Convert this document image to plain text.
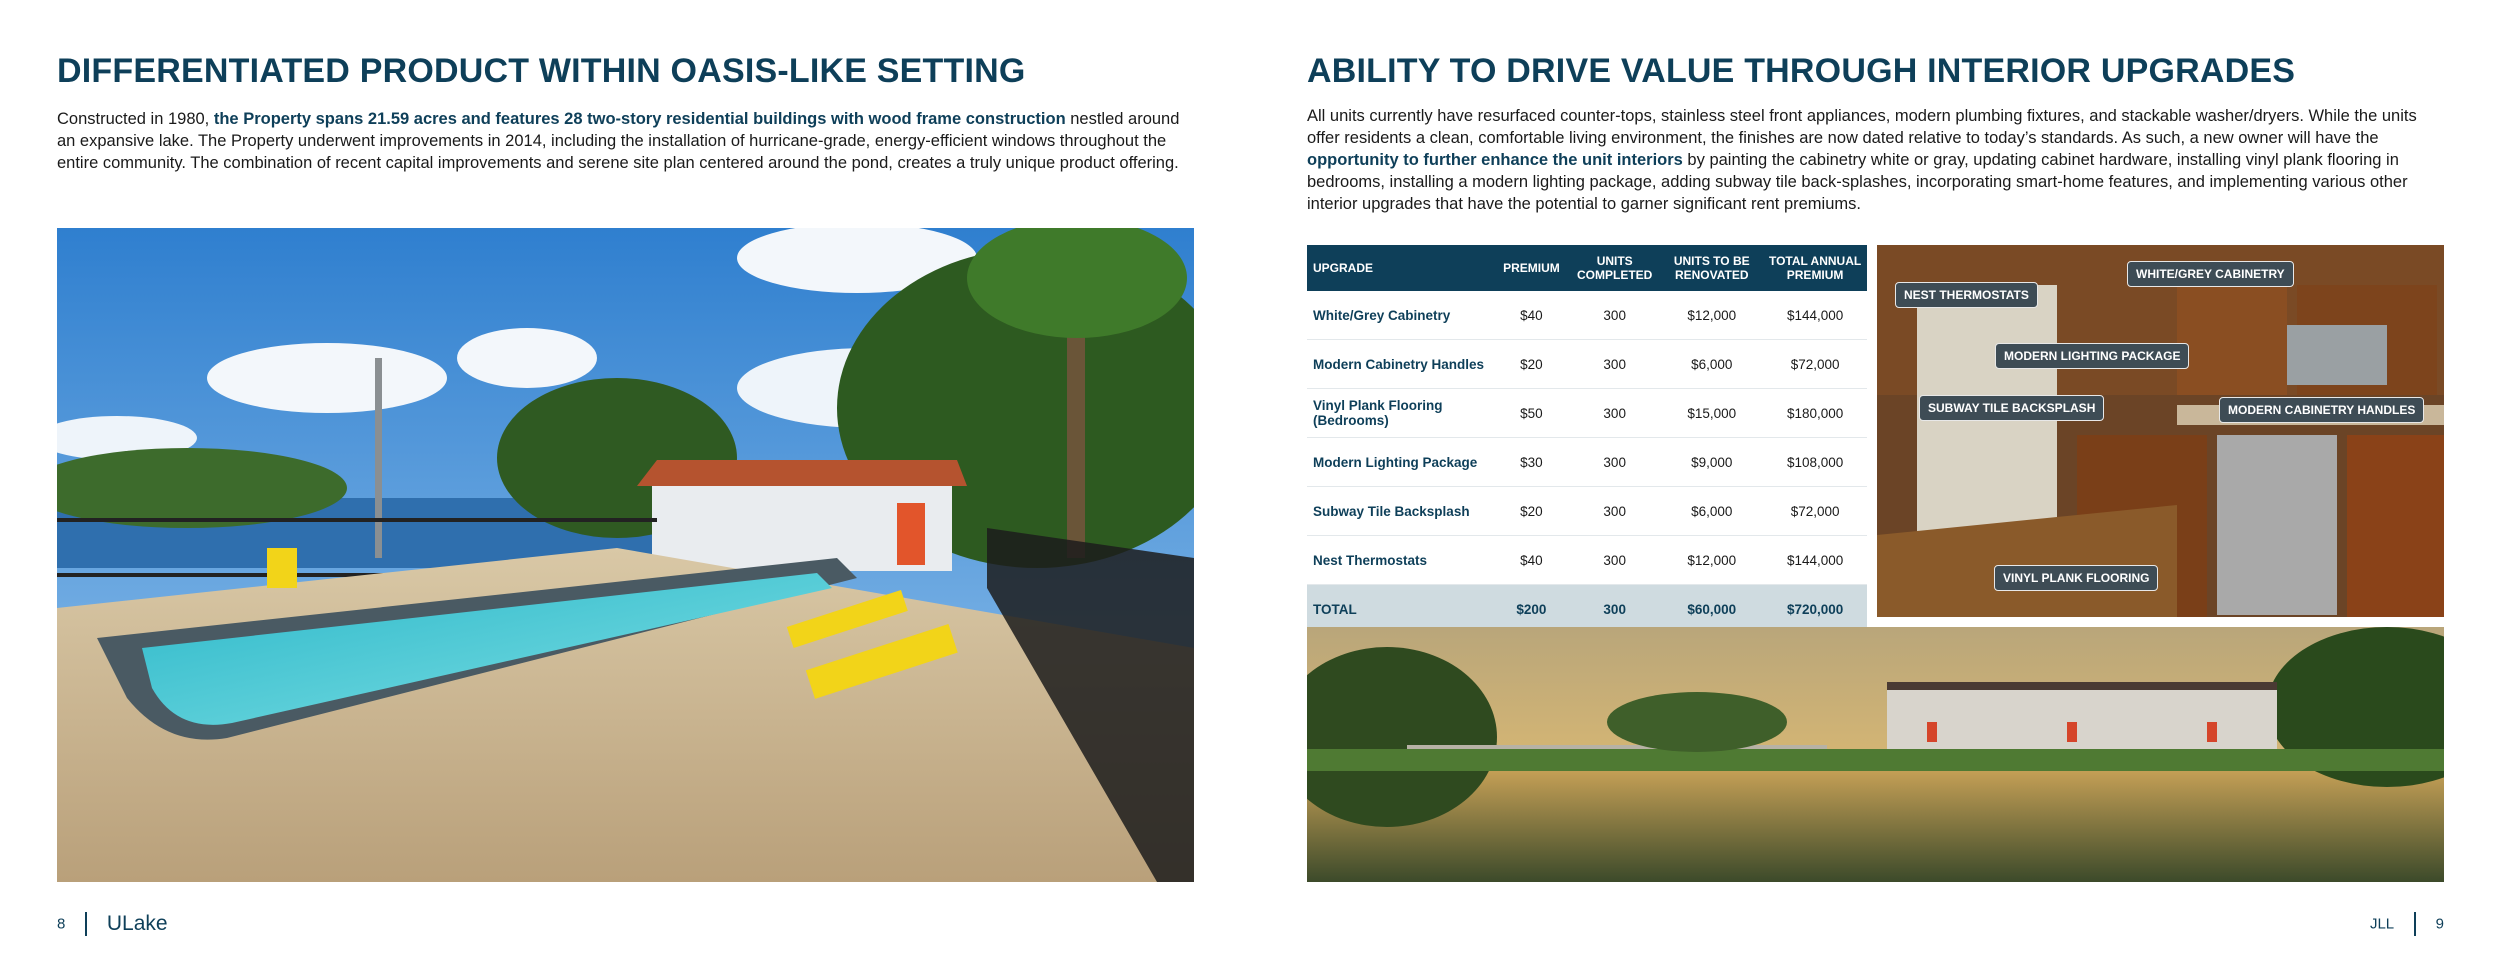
DIFFERENTIATED PRODUCT WITHIN OASIS-LIKE SETTING

Constructed in 1980, the Property spans 21.59 acres and features 28 two-story residential buildings with wood frame construction nestled around an expansive lake. The Property underwent improvements in 2014, including the installation of hurricane-grade, energy-efficient windows throughout the entire community. The combination of recent capital improvements and serene site plan centered around the pond, creates a truly unique product offering.

8 ULake
ABILITY TO DRIVE VALUE THROUGH INTERIOR UPGRADES

All units currently have resurfaced counter-tops, stainless steel front appliances, modern plumbing fixtures, and stackable washer/dryers. While the units offer residents a clean, comfortable living environment, the finishes are now dated relative to today’s standards. As such, a new owner will have the opportunity to further enhance the unit interiors by painting the cabinetry white or gray, updating cabinet hardware, installing vinyl plank flooring in bedrooms, installing a modern lighting package, adding subway tile back-splashes, incorporating smart-home features, and implementing various other interior upgrades that have the potential to garner significant rent premiums.

UPGRADE	PREMIUM	UNITS COMPLETED	UNITS TO BE RENOVATED	TOTAL ANNUAL PREMIUM
White/Grey Cabinetry	$40	300	$12,000	$144,000
Modern Cabinetry Handles	$20	300	$6,000	$72,000
Vinyl Plank Flooring (Bedrooms)	$50	300	$15,000	$180,000
Modern Lighting Package	$30	300	$9,000	$108,000
Subway Tile Backsplash	$20	300	$6,000	$72,000
Nest Thermostats	$40	300	$12,000	$144,000
TOTAL	$200	300	$60,000	$720,000
WHITE/GREY CABINETRY
NEST THERMOSTATS
MODERN LIGHTING PACKAGE
SUBWAY TILE BACKSPLASH	MODERN CABINETRY HANDLES
VINYL PLANK FLOORING
JLL	9
